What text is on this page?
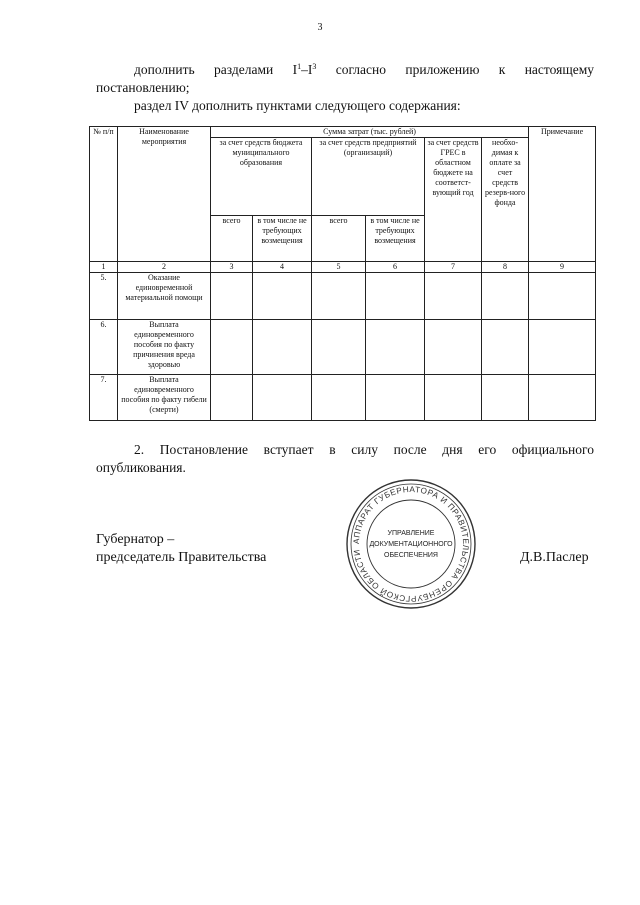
3
дополнить разделами $I^1-I^3$ согласно приложению к настоящему
постановлению;
раздел IV дополнить пунктами следующего содержания:
№ п/п	Наименование мероприятия	Сумма затрат (тыс. рублей)						Примечание
		за счет средств бюджета муниципального образования		за счет средств предприятий (организаций)		за счет средств ГРЕС в областном бюджете на соответст-вующий год	необхо-димая к оплате за счет средств резерв-ного фонда	
		всего	в том числе не требующих возмещения	всего	в том числе не требующих возмещения			
1	2	3	4	5	6	7	8	9
5.	Оказание единовременной материальной помощи							
6.	Выплата единовременного пособия по факту причинения вреда здоровью							
7.	Выплата единовременного пособия по факту гибели (смерти)							
2. Постановление вступает в силу после дня его официального
опубликования.
Губернатор –
председатель Правительства	Д.В.Паслер
АППАРАТ ГУБЕРНАТОРА И ПРАВИТЕЛЬСТВА ОРЕНБУРГСКОЙ ОБЛАСТИ
УПРАВЛЕНИЕ
ДОКУМЕНТАЦИОННОГО
ОБЕСПЕЧЕНИЯ
